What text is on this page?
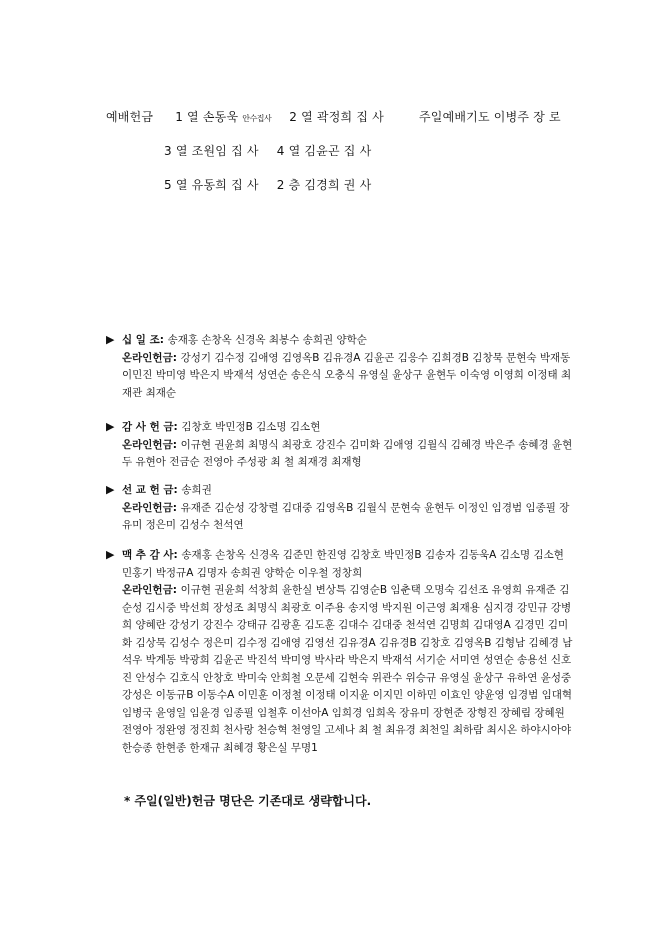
예배헌금 1 열 손동욱 안수집사 2 열 곽정희 집 사	주일예배기도 이병주 장 로
3 열 조원임 집 사 4 열 김윤곤 집 사
5 열 유동희 집 사 2 층 김경희 권 사
▶ 십 일 조: 송재홍 손창옥 신경옥 최봉수 송희권 양학순
온라인헌금: 강성기 김수정 김애영 김영옥B 김유경A 김윤곤 김응수 김희경B 김창묵 문현숙 박재동 이민진 박미영 박은지 박재석 성연순 송은식 오충식 유영실 윤상구 윤현두 이숙영 이영희 이정태 최재관 최재순
▶ 감 사 헌 금: 김창호 박민정B 김소명 김소현
온라인헌금: 이규현 권윤희 최명식 최광호 강진수 김미화 김애영 김월식 김혜경 박은주 송혜경 윤현두 유현아 전금순 전영아 주성광 최 철 최재경 최재형
▶ 선 교 헌 금: 송희권
온라인헌금: 유재준 김순성 강창렬 김대중 김영옥B 김월식 문현숙 윤현두 이정인 임경범 임종필 장유미 정은미 김성수 천석연
▶ 맥 추 감 사: 송재홍 손창옥 신경옥 김준민 한진영 김창호 박민정B 김송자 김동욱A 김소명 김소현 민홍기 박정규A 김명자 송희권 양학순 이우철 정창희
온라인헌금: 이규현 권윤희 석창희 윤한실 변상특 김영순B 임춘택 오명숙 김선조 유영희 유재준 김순성 김시중 박선희 장성조 최명식 최광호 이주용 송지영 박지원 이근영 최재용 심지경 강민규 강병희 양혜란 강성기 강진수 강태규 김광훈 김도훈 김대수 김대중 천석연 김명희 김대영A 김경민 김미화 김상묵 김성수 정은미 김수정 김애영 김영선 김유경A 김유경B 김창호 김영옥B 김형남 김혜경 남석우 박계동 박광희 김윤곤 박진석 박미영 박사라 박은지 박재석 서기순 서미연 성연순 송용선 신호진 안성수 김호식 안창호 박미숙 안희철 오문세 김현숙 위관수 위승규 유영실 윤상구 유하연 윤성중 강성은 이동규B 이동수A 이민훈 이정철 이정태 이지윤 이지민 이하민 이효인 양윤영 임경범 임대혁 임병국 윤영일 임윤경 임종필 임철후 이선아A 임희경 임희옥 장유미 장현준 장형진 장혜림 장혜원 전영아 정완영 정진희 천사랑 천승혁 천영일 고세나 최 철 최유경 최천일 최하람 최시온 하야시아야 한승종 한현종 한재규 최혜경 황은실 무명1
* 주일(일반)헌금 명단은 기존대로 생략합니다.
